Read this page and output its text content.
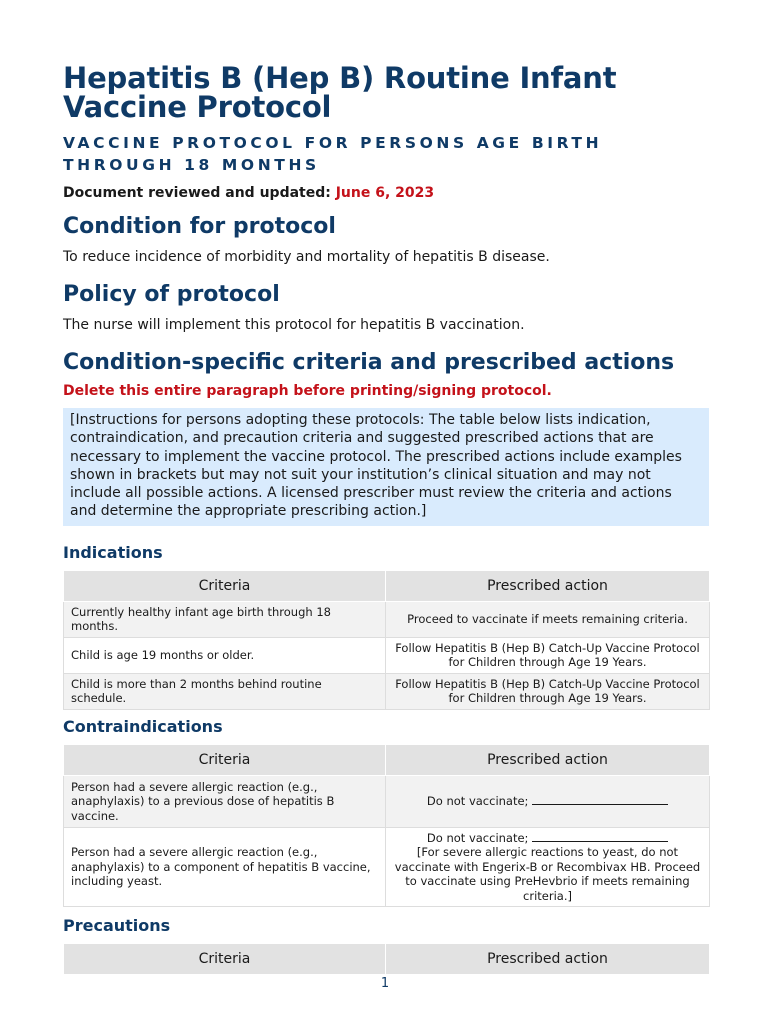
Hepatitis B (Hep B) Routine Infant Vaccine Protocol
VACCINE PROTOCOL FOR PERSONS AGE BIRTH THROUGH 18 MONTHS
Document reviewed and updated: June 6, 2023
Condition for protocol

To reduce incidence of morbidity and mortality of hepatitis B disease.

Policy of protocol

The nurse will implement this protocol for hepatitis B vaccination.

Condition-specific criteria and prescribed actions
Delete this entire paragraph before printing/signing protocol.
[Instructions for persons adopting these protocols: The table below lists indication, contraindication, and precaution criteria and suggested prescribed actions that are necessary to implement the vaccine protocol. The prescribed actions include examples shown in brackets but may not suit your institution’s clinical situation and may not include all possible actions. A licensed prescriber must review the criteria and actions and determine the appropriate prescribing action.]
Indications
Criteria	Prescribed action
Currently healthy infant age birth through 18 months.	Proceed to vaccinate if meets remaining criteria.
Child is age 19 months or older.	Follow Hepatitis B (Hep B) Catch-Up Vaccine Protocol for Children through Age 19 Years.
Child is more than 2 months behind routine schedule.	Follow Hepatitis B (Hep B) Catch-Up Vaccine Protocol for Children through Age 19 Years.
Contraindications
Criteria	Prescribed action
Person had a severe allergic reaction (e.g., anaphylaxis) to a previous dose of hepatitis B vaccine.	Do not vaccinate;
Person had a severe allergic reaction (e.g., anaphylaxis) to a component of hepatitis B vaccine, including yeast.	Do not vaccinate;
[For severe allergic reactions to yeast, do not vaccinate with Engerix-B or Recombivax HB. Proceed to vaccinate using PreHevbrio if meets remaining criteria.]
Precautions
Criteria	Prescribed action
1
